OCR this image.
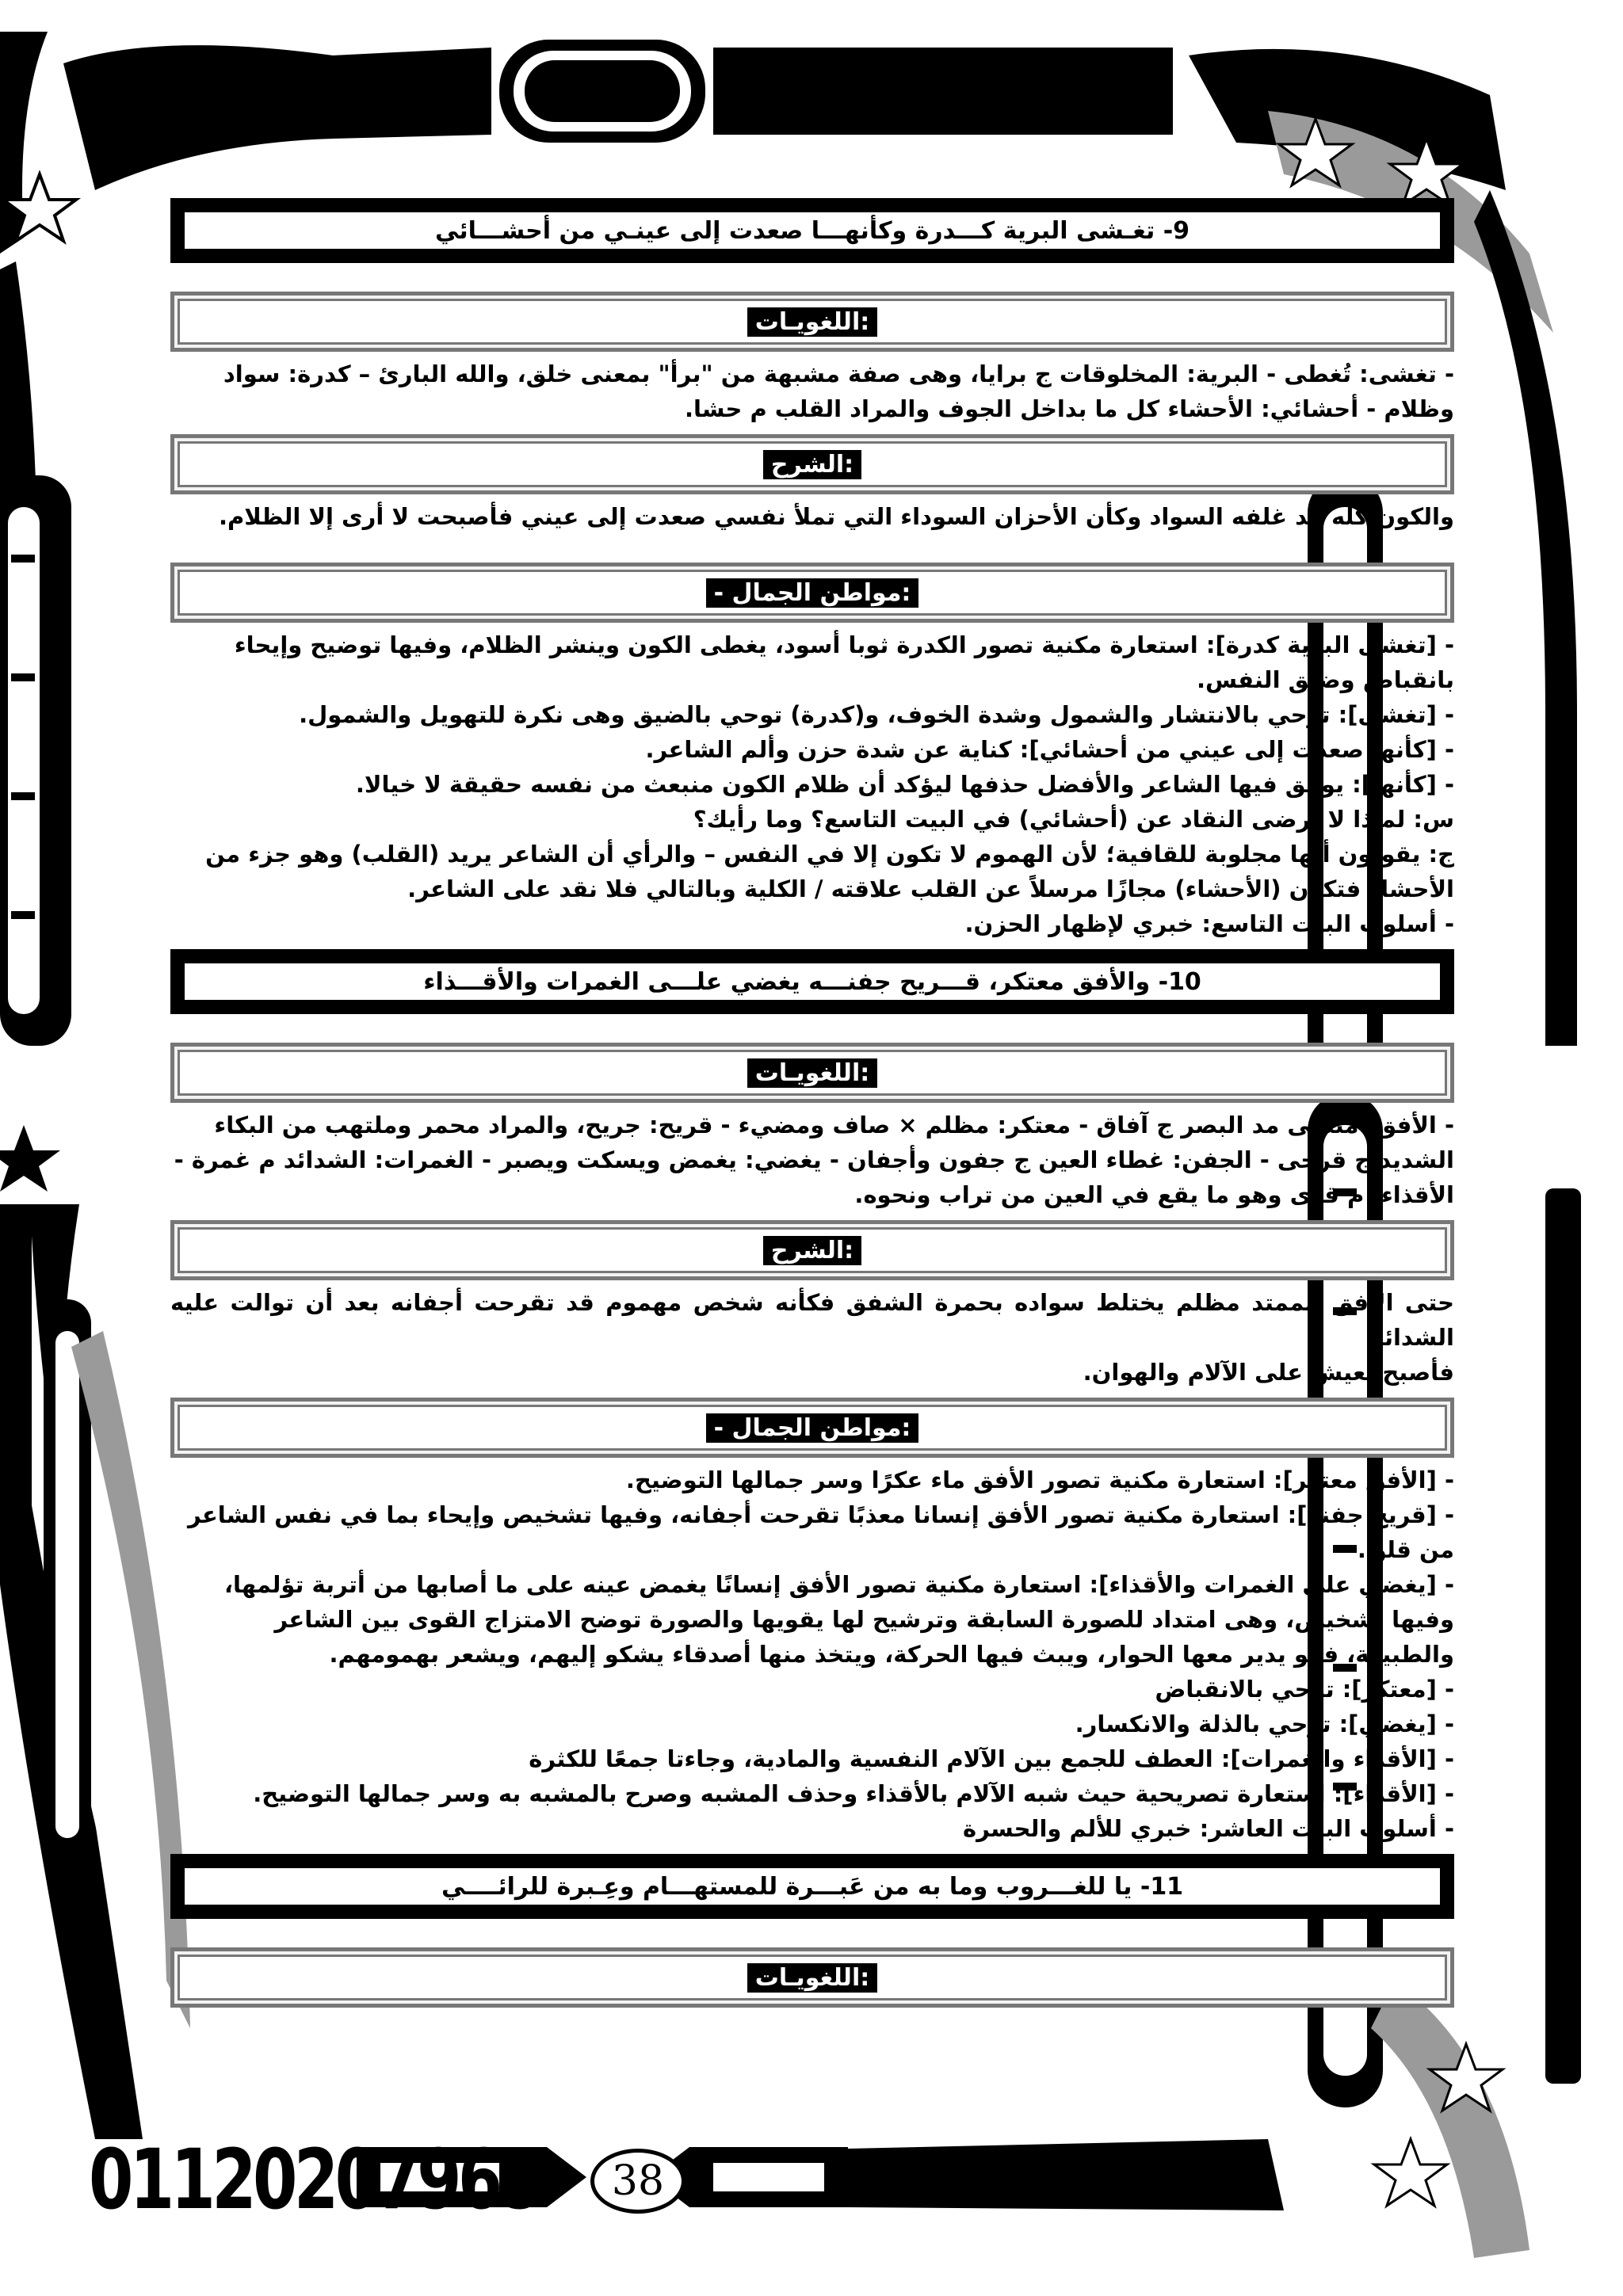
9- تغـشى البرية كـــدرة وكأنهـــا صعدت إلى عينـي من أحشـــائي
:اللغويـات

- تغشى: تُغطى - البرية: المخلوقات ج برايا، وهى صفة مشبهة من "برأ" بمعنى خلق، والله البارئ – كدرة: سواد

وظلام - أحشائي: الأحشاء كل ما بداخل الجوف والمراد القلب م حشا.

:الشرح

والكون كله قد غلفه السواد وكأن الأحزان السوداء التي تملأ نفسي صعدت إلى عيني فأصبحت لا أرى إلا الظلام.

:مواطن الجمال -

- [تغشى البرية كدرة]: استعارة مكنية تصور الكدرة ثوبا أسود، يغطى الكون وينشر الظلام، وفيها توضيح وإيحاء

بانقباض وضيق النفس.

- [تغشى]: توحي بالانتشار والشمول وشدة الخوف، و(كدرة) توحي بالضيق وهى نكرة للتهويل والشمول.

- [كأنها صعدت إلى عيني من أحشائي]: كناية عن شدة حزن وألم الشاعر.

- [كأنها]: يوفق فيها الشاعر والأفضل حذفها ليؤكد أن ظلام الكون منبعث من نفسه حقيقة لا خيالا.

س: لماذا لا يرضى النقاد عن (أحشائي) في البيت التاسع؟ وما رأيك؟

ج: يقولون أنها مجلوبة للقافية؛ لأن الهموم لا تكون إلا في النفس – والرأي أن الشاعر يريد (القلب) وهو جزء من

الأحشاء فتكون (الأحشاء) مجازًا مرسلاً عن القلب علاقته / الكلية وبالتالي فلا نقد على الشاعر.

- أسلوب البيت التاسع: خبري لإظهار الحزن.

10- والأفق معتكر، قـــريح جفنـــه يغضي علـــى الغمرات والأقـــذاء
:اللغويـات

- الأفق: منتهى مد البصر ج آفاق - معتكر: مظلم × صاف ومضيء - قريح: جريح، والمراد محمر وملتهب من البكاء

الشديد ج قرحى - الجفن: غطاء العين ج جفون وأجفان - يغضي: يغمض ويسكت ويصبر - الغمرات: الشدائد م غمرة -

الأقذاء: م قذى وهو ما يقع في العين من تراب ونحوه.

:الشرح

حتى الأفق الممتد مظلم يختلط سواده بحمرة الشفق فكأنه شخص مهموم قد تقرحت أجفانه بعد أن توالت عليه الشدائد

فأصبح يعيش على الآلام والهوان.

:مواطن الجمال -

- [الأفق معتكر]: استعارة مكنية تصور الأفق ماء عكرًا وسر جمالها التوضيح.

- [قريح جفنه]: استعارة مكنية تصور الأفق إنسانا معذبًا تقرحت أجفانه، وفيها تشخيص وإيحاء بما في نفس الشاعر

من قلق.

- [يغضي على الغمرات والأقذاء]: استعارة مكنية تصور الأفق إنسانًا يغمض عينه على ما أصابها من أتربة تؤلمها،

وفيها تشخيص، وهى امتداد للصورة السابقة وترشيح لها يقويها والصورة توضح الامتزاج القوى بين الشاعر

والطبيعة، فهو يدير معها الحوار، ويبث فيها الحركة، ويتخذ منها أصدقاء يشكو إليهم، ويشعر بهمومهم.

- [معتكر]: توحي بالانقباض

- [يغضي]: توحي بالذلة والانكسار.

- [الأقذاء والغمرات]: العطف للجمع بين الآلام النفسية والمادية، وجاءتا جمعًا للكثرة

- [الأقذاء]: استعارة تصريحية حيث شبه الآلام بالأقذاء وحذف المشبه وصرح بالمشبه به وسر جمالها التوضيح.

- أسلوب البيت العاشر: خبري للألم والحسرة

11- يا للغـــروب وما به من عَبـــرة للمستهـــام وعِـبرة للرائــــي
:اللغويـات
38
01120207965
